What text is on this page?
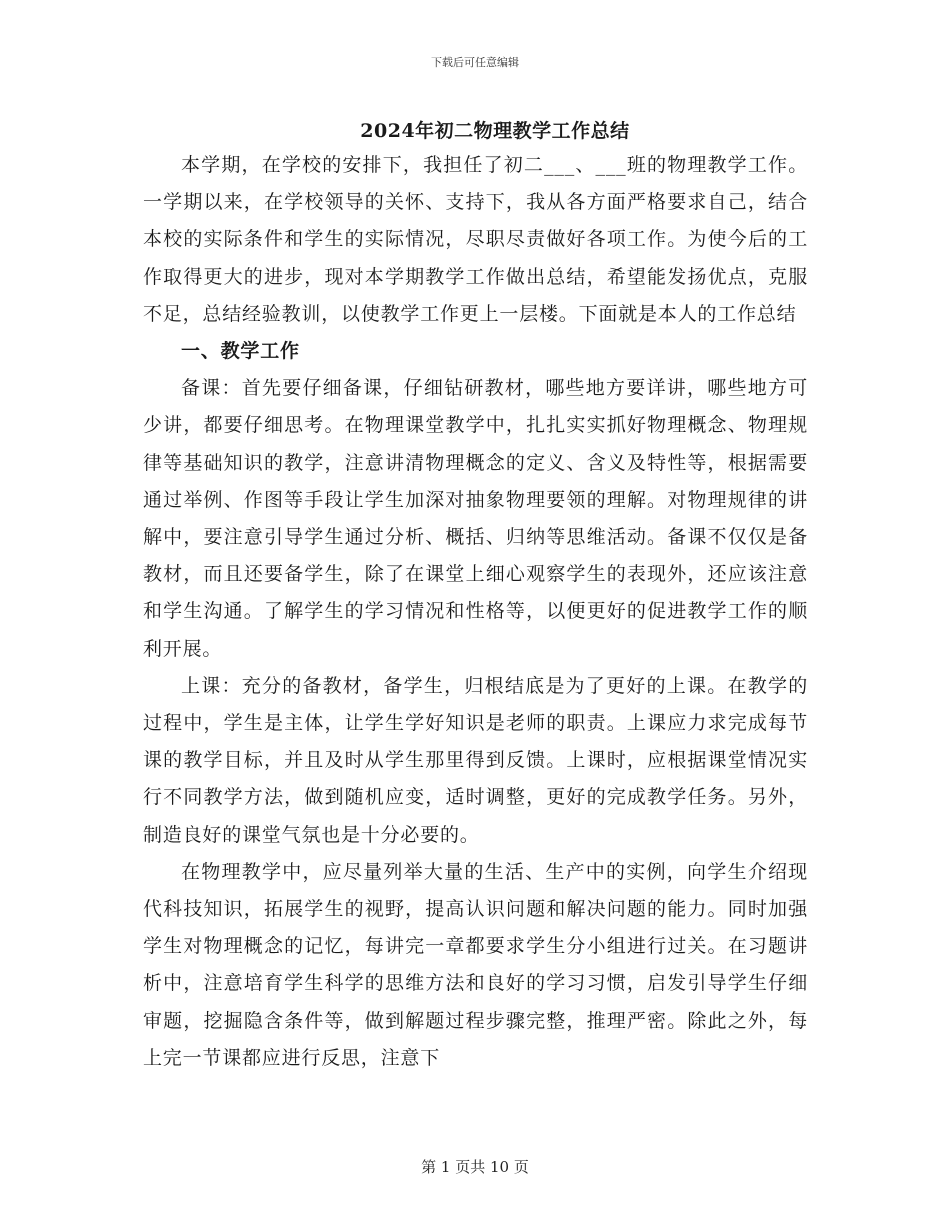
下载后可任意编辑
2024年初二物理教学工作总结

本学期，在学校的安排下，我担任了初二___、___班的物理教学工作。一学期以来，在学校领导的关怀、支持下，我从各方面严格要求自己，结合本校的实际条件和学生的实际情况，尽职尽责做好各项工作。为使今后的工作取得更大的进步，现对本学期教学工作做出总结，希望能发扬优点，克服不足，总结经验教训，以使教学工作更上一层楼。下面就是本人的工作总结

一、教学工作

备课：首先要仔细备课，仔细钻研教材，哪些地方要详讲，哪些地方可少讲，都要仔细思考。在物理课堂教学中，扎扎实实抓好物理概念、物理规律等基础知识的教学，注意讲清物理概念的定义、含义及特性等，根据需要通过举例、作图等手段让学生加深对抽象物理要领的理解。对物理规律的讲解中，要注意引导学生通过分析、概括、归纳等思维活动。备课不仅仅是备教材，而且还要备学生，除了在课堂上细心观察学生的表现外，还应该注意和学生沟通。了解学生的学习情况和性格等，以便更好的促进教学工作的顺利开展。

上课：充分的备教材，备学生，归根结底是为了更好的上课。在教学的过程中，学生是主体，让学生学好知识是老师的职责。上课应力求完成每节课的教学目标，并且及时从学生那里得到反馈。上课时，应根据课堂情况实行不同教学方法，做到随机应变，适时调整，更好的完成教学任务。另外，制造良好的课堂气氛也是十分必要的。

在物理教学中，应尽量列举大量的生活、生产中的实例，向学生介绍现代科技知识，拓展学生的视野，提高认识问题和解决问题的能力。同时加强学生对物理概念的记忆，每讲完一章都要求学生分小组进行过关。在习题讲析中，注意培育学生科学的思维方法和良好的学习习惯，启发引导学生仔细审题，挖掘隐含条件等，做到解题过程步骤完整，推理严密。除此之外，每上完一节课都应进行反思，注意下

第 1 页共 10 页
